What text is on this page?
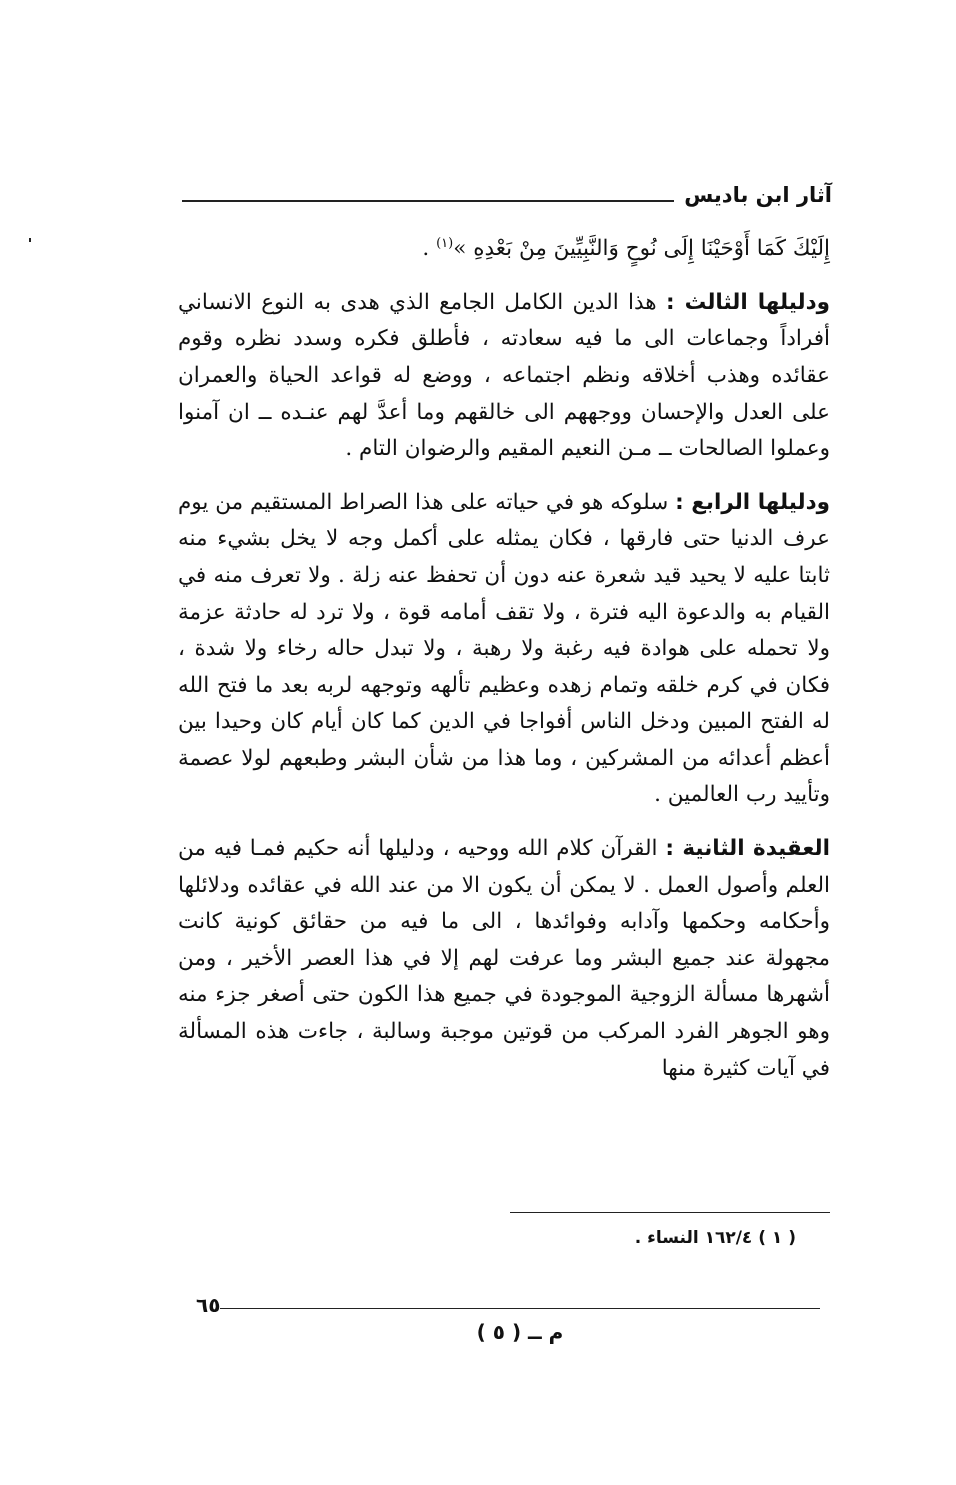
آثار ابن باديس

إِلَيْكَ كَمَا أَوْحَيْنَا إِلَى نُوحٍ وَالنَّبِيِّينَ مِنْ بَعْدِهِ »$^{(١)}$ .

ودليلها الثالث : هذا الدين الكامل الجامع الذي هدى به النوع الانساني أفراداً وجماعات الى ما فيه سعادته ، فأطلق فكره وسدد نظره وقوم عقائده وهذب أخلاقه ونظم اجتماعه ، ووضع له قواعد الحياة والعمران على العدل والإحسان ووجههم الى خالقهم وما أعدَّ لهم عنـده ــ ان آمنوا وعملوا الصالحات ــ مـن النعيم المقيم والرضوان التام .

ودليلها الرابع : سلوكه هو في حياته على هذا الصراط المستقيم من يوم عرف الدنيا حتى فارقها ، فكان يمثله على أكمل وجه لا يخل بشيء منه ثابتا عليه لا يحيد قيد شعرة عنه دون أن تحفظ عنه زلة . ولا تعرف منه في القيام به والدعوة اليه فترة ، ولا تقف أمامه قوة ، ولا ترد له حادثة عزمة ولا تحمله على هوادة فيه رغبة ولا رهبة ، ولا تبدل حاله رخاء ولا شدة ، فكان في كرم خلقه وتمام زهده وعظيم تألهه وتوجهه لربه بعد ما فتح الله له الفتح المبين ودخل الناس أفواجا في الدين كما كان أيام كان وحيدا بين أعظم أعدائه من المشركين ، وما هذا من شأن البشر وطبعهم لولا عصمة وتأييد رب العالمين .

العقيدة الثانية : القرآن كلام الله ووحيه ، ودليلها أنه حكيم فمـا فيه من العلم وأصول العمل . لا يمكن أن يكون الا من عند الله في عقائده ودلائلها وأحكامه وحكمها وآدابه وفوائدها ، الى ما فيه من حقائق كونية كانت مجهولة عند جميع البشر وما عرفت لهم إلا في هذا العصر الأخير ، ومن أشهرها مسألة الزوجية الموجودة في جميع هذا الكون حتى أصغر جزء منه وهو الجوهر الفرد المركب من قوتين موجبة وسالبة ، جاءت هذه المسألة في آيات كثيرة منها

( ١ ) ١٦٢/٤ النساء .
٦٥
م ــ ( ٥ )
